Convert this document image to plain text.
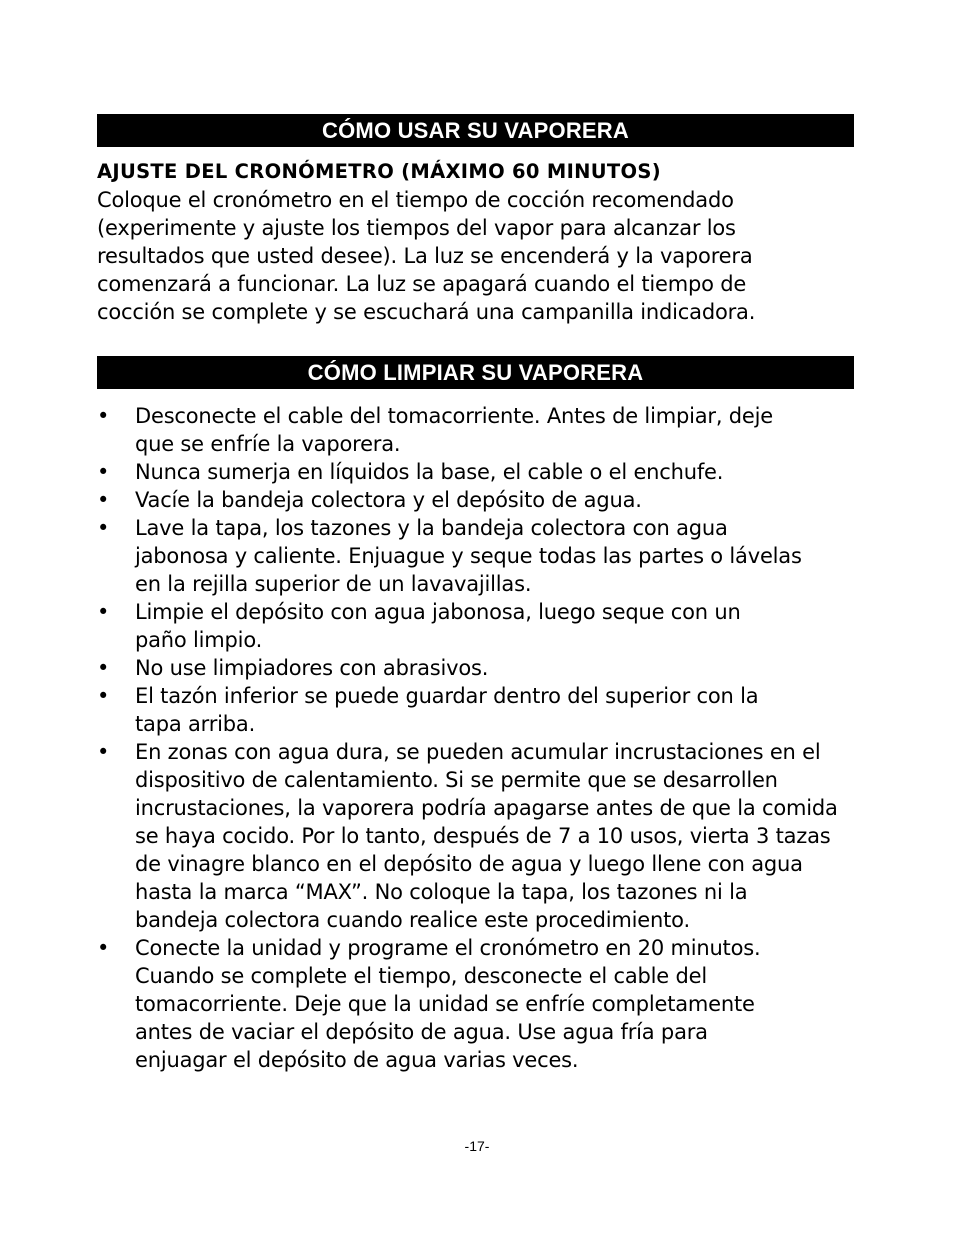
CÓMO USAR SU VAPORERA
AJUSTE DEL CRONÓMETRO (MÁXIMO 60 MINUTOS)
Coloque el cronómetro en el tiempo de cocción recomendado
(experimente y ajuste los tiempos del vapor para alcanzar los
resultados que usted desee). La luz se encenderá y la vaporera
comenzará a funcionar. La luz se apagará cuando el tiempo de
cocción se complete y se escuchará una campanilla indicadora.
CÓMO LIMPIAR SU VAPORERA
•	Desconecte el cable del tomacorriente. Antes de limpiar, deje
que se enfríe la vaporera.
•	Nunca sumerja en líquidos la base, el cable o el enchufe.
•	Vacíe la bandeja colectora y el depósito de agua.
•	Lave la tapa, los tazones y la bandeja colectora con agua
jabonosa y caliente. Enjuague y seque todas las partes o lávelas
en la rejilla superior de un lavavajillas.
•	Limpie el depósito con agua jabonosa, luego seque con un
paño limpio.
•	No use limpiadores con abrasivos.
•	El tazón inferior se puede guardar dentro del superior con la
tapa arriba.
•	En zonas con agua dura, se pueden acumular incrustaciones en el
dispositivo de calentamiento. Si se permite que se desarrollen
incrustaciones, la vaporera podría apagarse antes de que la comida
se haya cocido. Por lo tanto, después de 7 a 10 usos, vierta 3 tazas
de vinagre blanco en el depósito de agua y luego llene con agua
hasta la marca “MAX”. No coloque la tapa, los tazones ni la
bandeja colectora cuando realice este procedimiento.
•	Conecte la unidad y programe el cronómetro en 20 minutos.
Cuando se complete el tiempo, desconecte el cable del
tomacorriente. Deje que la unidad se enfríe completamente
antes de vaciar el depósito de agua. Use agua fría para
enjuagar el depósito de agua varias veces.
-17-
